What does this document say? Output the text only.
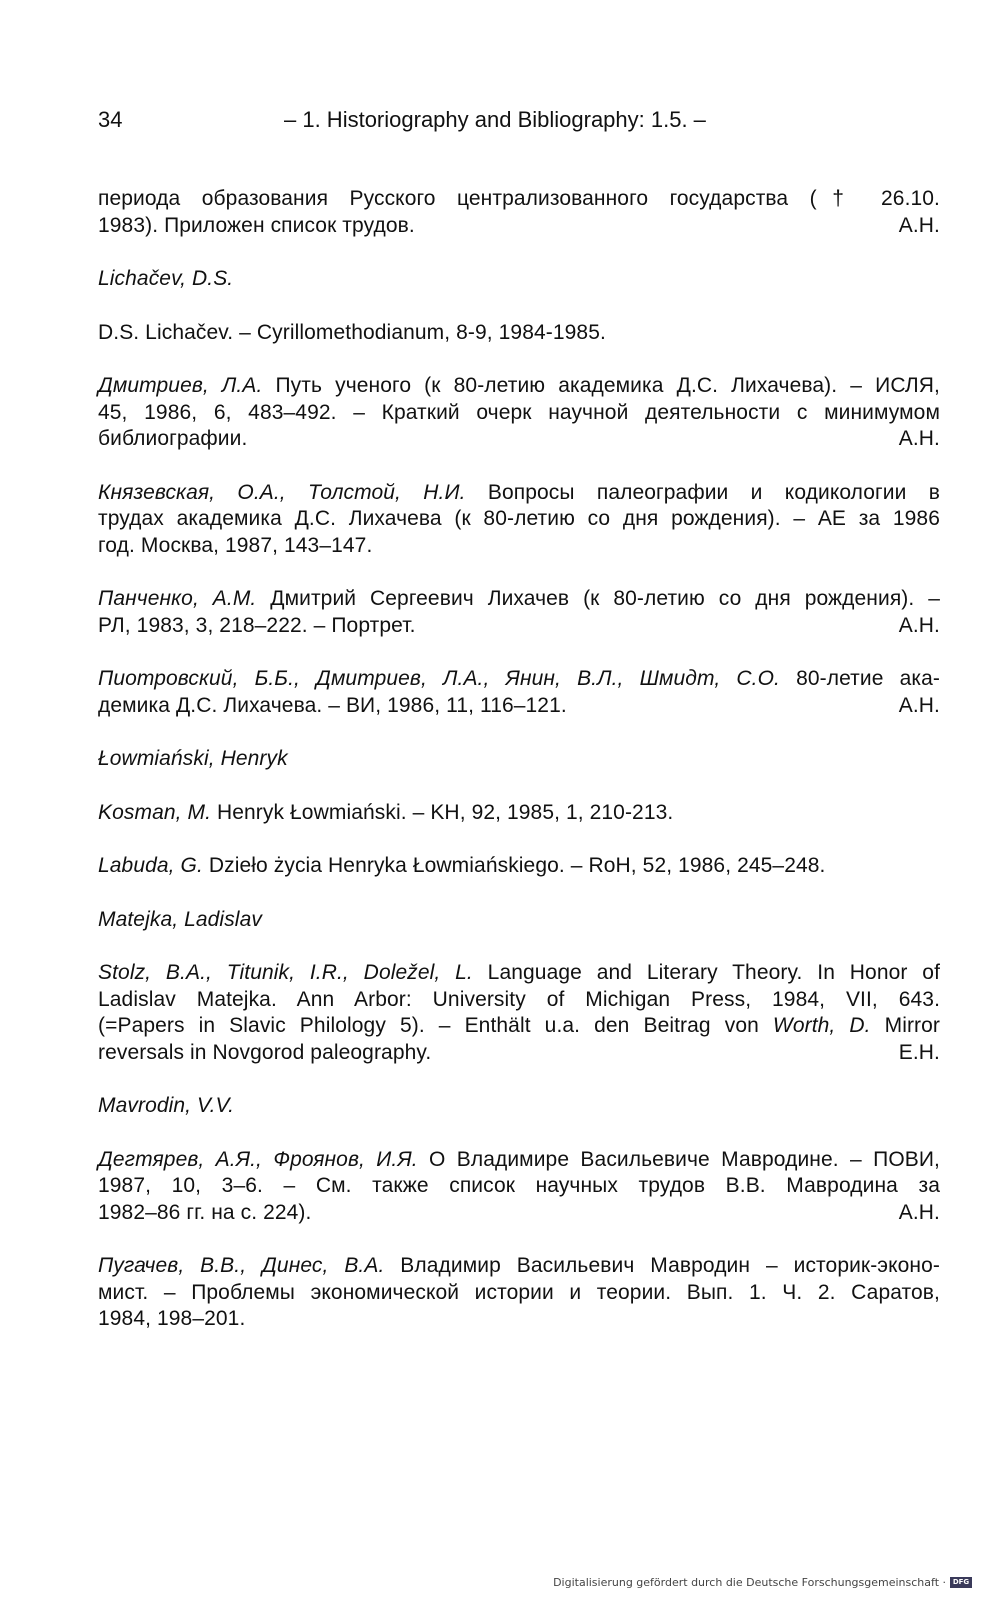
34	– 1. Historiography and Bibliography: 1.5. –
периода образования Русского централизованного государства († 26.10.
1983). Приложен список трудов.	A.H.
Lichačev, D.S.
D.S. Lichačev. – Cyrillomethodianum, 8-9, 1984-1985.
Дмитриев, Л.А. Путь ученого (к 80-летию академика Д.С. Лихачева). – ИСЛЯ,
45, 1986, 6, 483–492. – Краткий очерк научной деятельности с минимумом
библиографии.	A.H.
Князевская, О.А., Толстой, Н.И. Вопросы палеографии и кодикологии в
трудах академика Д.С. Лихачева (к 80-летию со дня рождения). – АЕ за 1986
год. Москва, 1987, 143–147.
Панченко, А.М. Дмитрий Сергеевич Лихачев (к 80-летию со дня рождения). –
РЛ, 1983, 3, 218–222. – Портрет.	A.H.
Пиотровский, Б.Б., Дмитриев, Л.А., Янин, В.Л., Шмидт, С.О. 80-летие ака-
демика Д.С. Лихачева. – ВИ, 1986, 11, 116–121.	A.H.
Łowmiański, Henryk
Kosman, M. Henryk Łowmiański. – KH, 92, 1985, 1, 210-213.
Labuda, G. Dzieło życia Henryka Łowmiańskiego. – RoH, 52, 1986, 245–248.
Matejka, Ladislav
Stolz, B.A., Titunik, I.R., Doležel, L. Language and Literary Theory. In Honor of
Ladislav Matejka. Ann Arbor: University of Michigan Press, 1984, VII, 643.
(=Papers in Slavic Philology 5). – Enthält u.a. den Beitrag von Worth, D. Mirror
reversals in Novgorod paleography.	E.H.
Mavrodin, V.V.
Дегтярев, А.Я., Фроянов, И.Я. О Владимире Васильевиче Мавродине. – ПОВИ,
1987, 10, 3–6. – См. также список научных трудов В.В. Мавродина за
1982–86 гг. на с. 224).	A.H.
Пугачев, В.В., Динес, В.А. Владимир Васильевич Мавродин – историк-эконо-
мист. – Проблемы экономической истории и теории. Вып. 1. Ч. 2. Саратов,
1984, 198–201.
Digitalisierung gefördert durch die Deutsche Forschungsgemeinschaft · DFG
